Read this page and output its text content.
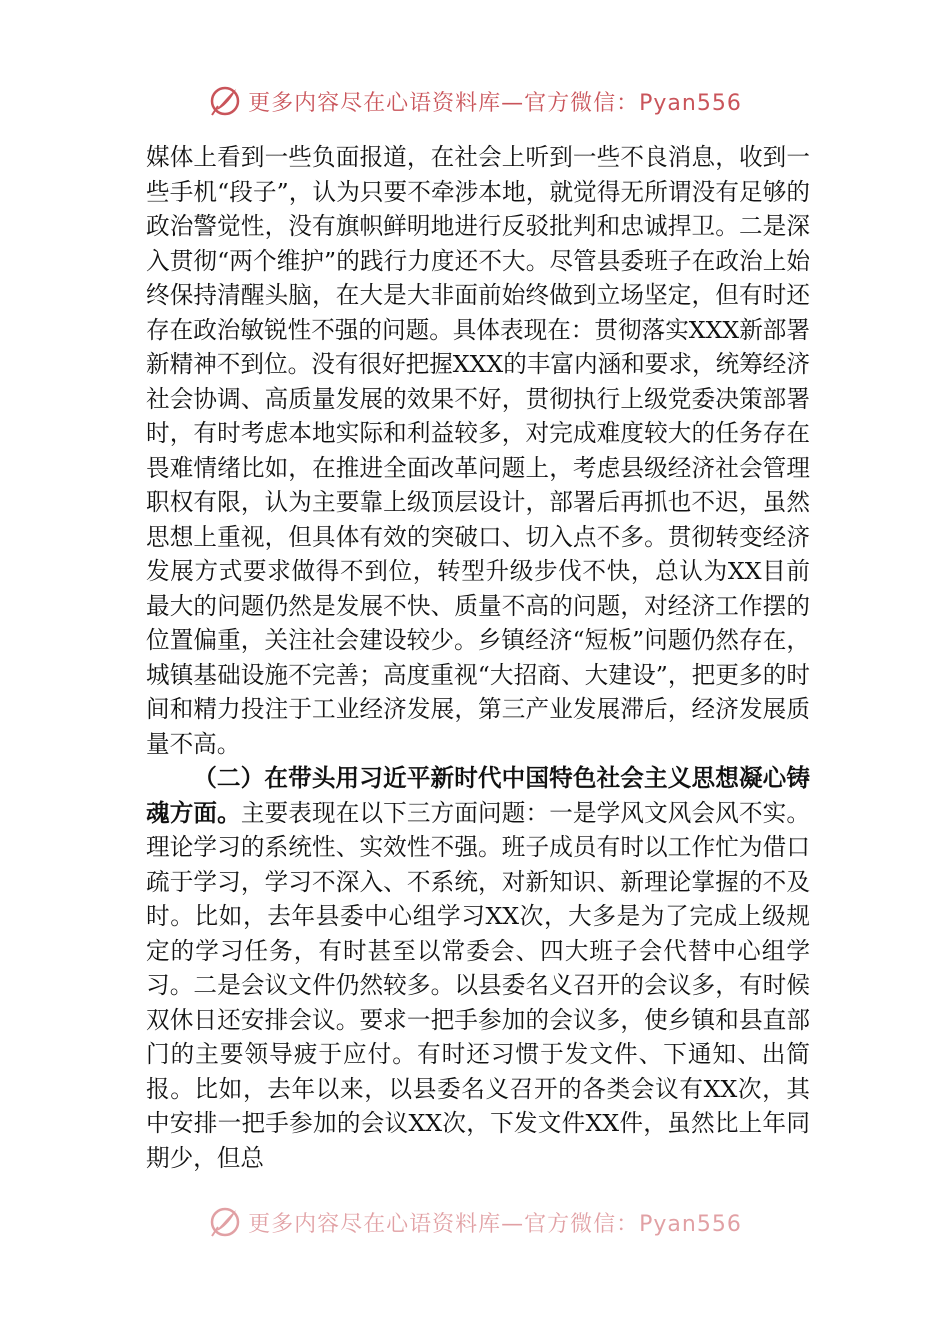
更多内容尽在心语资料库—官方微信：Pyan556

媒体上看到一些负面报道，在社会上听到一些不良消息，收到一些手机“段子”，认为只要不牵涉本地，就觉得无所谓没有足够的政治警觉性，没有旗帜鲜明地进行反驳批判和忠诚捍卫。二是深入贯彻“两个维护”的践行力度还不大。尽管县委班子在政治上始终保持清醒头脑，在大是大非面前始终做到立场坚定，但有时还存在政治敏锐性不强的问题。具体表现在：贯彻落实XXX新部署新精神不到位。没有很好把握XXX的丰富内涵和要求，统筹经济社会协调、高质量发展的效果不好，贯彻执行上级党委决策部署时，有时考虑本地实际和利益较多，对完成难度较大的任务存在畏难情绪比如，在推进全面改革问题上，考虑县级经济社会管理职权有限，认为主要靠上级顶层设计，部署后再抓也不迟，虽然思想上重视，但具体有效的突破口、切入点不多。贯彻转变经济发展方式要求做得不到位，转型升级步伐不快，总认为XX目前最大的问题仍然是发展不快、质量不高的问题，对经济工作摆的位置偏重，关注社会建设较少。乡镇经济“短板”问题仍然存在，城镇基础设施不完善；高度重视“大招商、大建设”，把更多的时间和精力投注于工业经济发展，第三产业发展滞后，经济发展质量不高。

（二）在带头用习近平新时代中国特色社会主义思想凝心铸魂方面。主要表现在以下三方面问题：一是学风文风会风不实。理论学习的系统性、实效性不强。班子成员有时以工作忙为借口疏于学习，学习不深入、不系统，对新知识、新理论掌握的不及时。比如，去年县委中心组学习XX次，大多是为了完成上级规定的学习任务，有时甚至以常委会、四大班子会代替中心组学习。二是会议文件仍然较多。以县委名义召开的会议多，有时候双休日还安排会议。要求一把手参加的会议多，使乡镇和县直部门的主要领导疲于应付。有时还习惯于发文件、下通知、出简报。比如，去年以来，以县委名义召开的各类会议有XX次，其中安排一把手参加的会议XX次，下发文件XX件，虽然比上年同期少，但总

更多内容尽在心语资料库—官方微信：Pyan556
